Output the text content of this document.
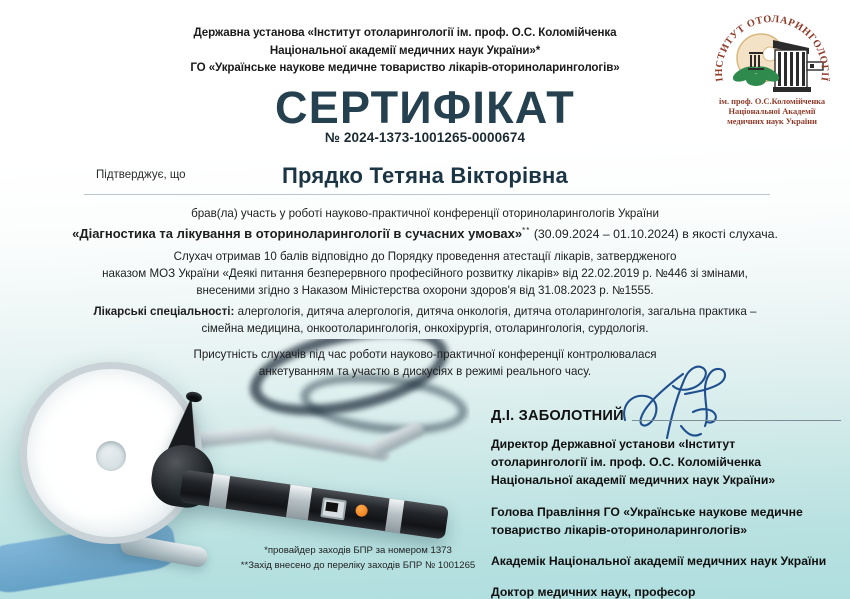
Державна установа «Інститут отоларингології ім. проф. О.С. Коломійченка
Національної академії медичних наук України»*
ГО «Українське наукове медичне товариство лікарів-оториноларингологів»
ІНСТИТУТ ОТОЛАРИНГОЛОГІЇ
ім. проф. О.С.Коломійченка
Національної Академії
медичних наук України
СЕРТИФІКАТ
№ 2024-1373-1001265-0000674
Підтверджує, що	Прядко Тетяна Вікторівна
брав(ла) участь у роботі науково-практичної конференції оториноларингологів України
«Діагностика та лікування в оториноларингології в сучасних умовах»** (30.09.2024 – 01.10.2024) в якості слухача.
Слухач отримав 10 балів відповідно до Порядку проведення атестації лікарів, затвердженого
наказом МОЗ України «Деякі питання безперервного професійного розвитку лікарів» від 22.02.2019 р. №446 зі змінами,
внесеними згідно з Наказом Міністерства охорони здоров'я від 31.08.2023 р. №1555.
Лікарські спеціальності: алергологія, дитяча алергологія, дитяча онкологія, дитяча отоларингологія, загальна практика –
сімейна медицина, онкоотоларингологія, онкохірургія, отоларингологія, сурдологія.
Присутність слухачів під час роботи науково-практичної конференції контролювалася
анкетуванням та участю в дискусіях в режимі реального часу.
Д.І. ЗАБОЛОТНИЙ
Директор Державної установи «Інститут
отоларингології ім. проф. О.С. Коломійченка
Національної академії медичних наук України»
Голова Правління ГО «Українське наукове медичне
товариство лікарів-оториноларингологів»
Академік Національної академії медичних наук України
Доктор медичних наук, професор
*провайдер заходів БПР за номером 1373
**Захід внесено до переліку заходів БПР № 1001265
